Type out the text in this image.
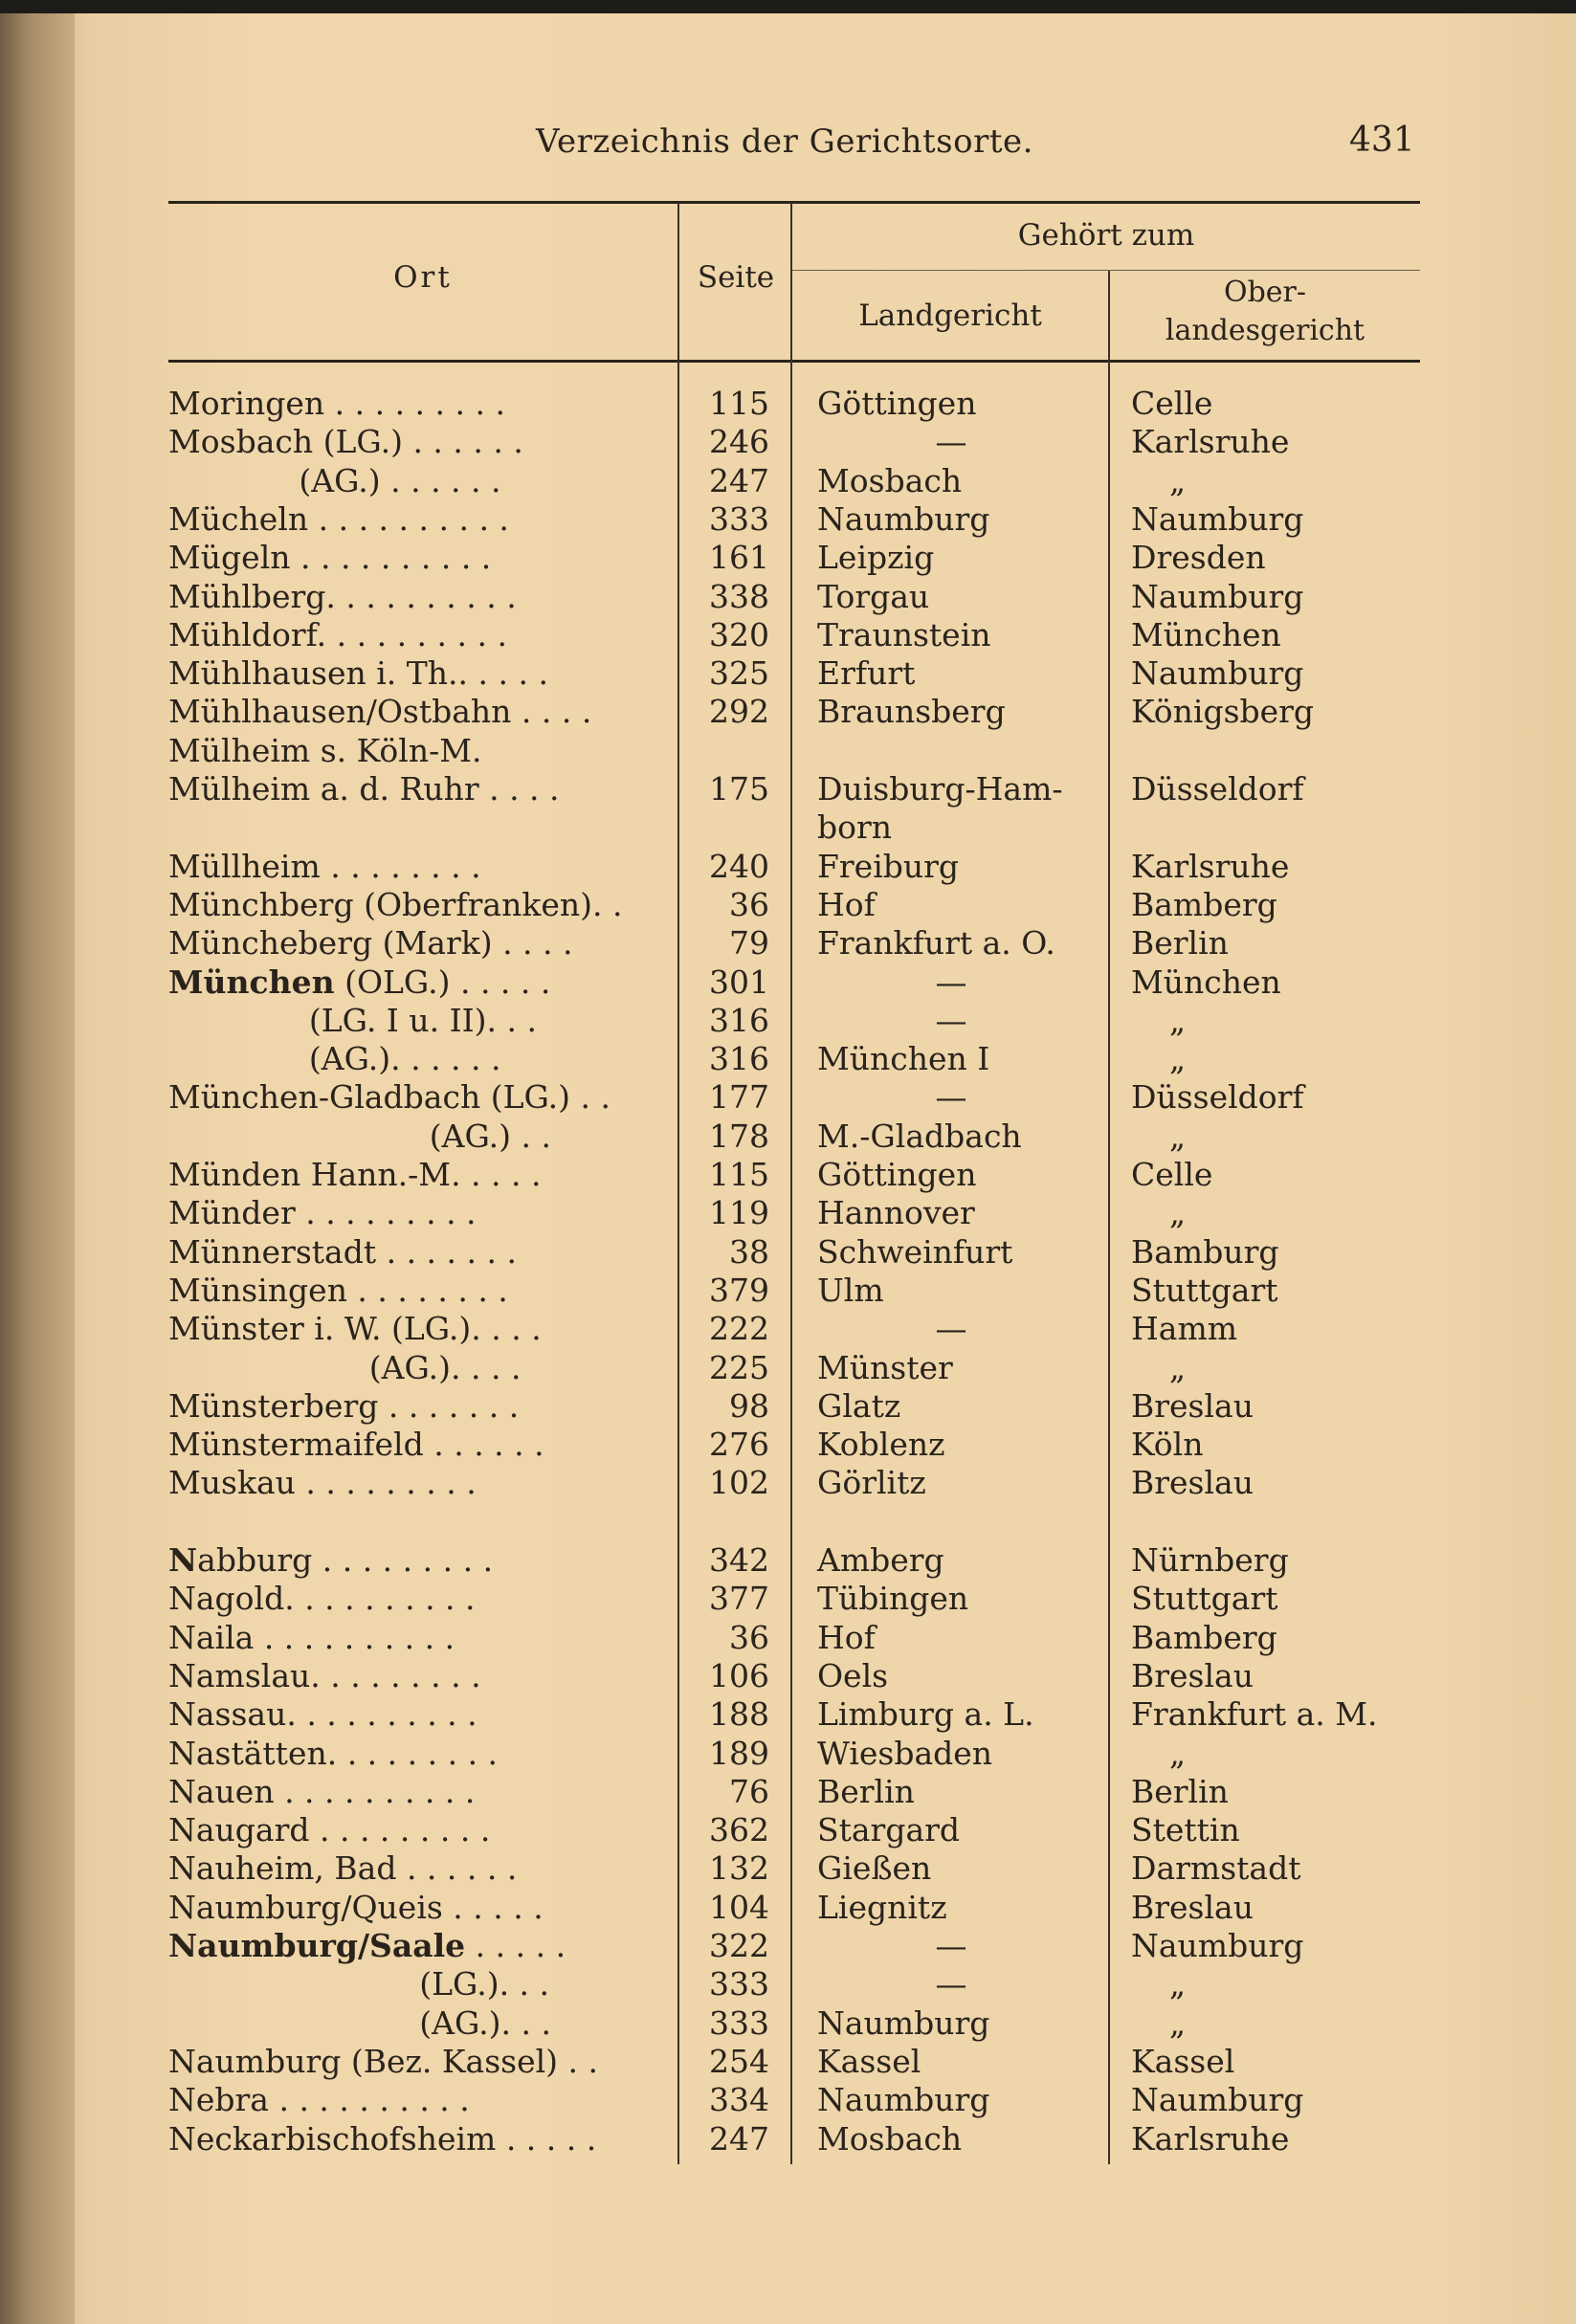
Verzeichnis der Gerichtsorte.	431
Ort	Seite
Gehört zum
Landgericht
Ober-
landesgericht
Moringen . . . . . . . . .	115 Göttingen	Celle
Mosbach (LG.) . . . . . .	246	—	Karlsruhe
(AG.) . . . . . .	247 Mosbach	„
Mücheln . . . . . . . . . .	333 Naumburg	Naumburg
Mügeln . . . . . . . . . .	161 Leipzig	Dresden
Mühlberg. . . . . . . . . .	338 Torgau	Naumburg
Mühldorf. . . . . . . . . .	320 Traunstein	München
Mühlhausen i. Th.. . . . .	325 Erfurt	Naumburg
Mühlhausen/Ostbahn . . . .	292 Braunsberg	Königsberg
Mülheim s. Köln-M.
Mülheim a. d. Ruhr . . . .	175 Duisburg-Ham-	Düsseldorf
born
Müllheim . . . . . . . .	240 Freiburg	Karlsruhe
Münchberg (Oberfranken). .	36 Hof	Bamberg
Müncheberg (Mark) . . . .	79 Frankfurt a. O.	Berlin
München (OLG.) . . . . .	301	—	München
(LG. I u. II). . .	316	—	„
(AG.). . . . . .	316 München I	„
München-Gladbach (LG.) . .	177	—	Düsseldorf
(AG.) . .	178 M.-Gladbach	„
Münden Hann.-M. . . . .	115 Göttingen	Celle
Münder . . . . . . . . .	119 Hannover	„
Münnerstadt . . . . . . .	38 Schweinfurt	Bamburg
Münsingen . . . . . . . .	379 Ulm	Stuttgart
Münster i. W. (LG.). . . .	222	—	Hamm
(AG.). . . .	225 Münster	„
Münsterberg . . . . . . .	98 Glatz	Breslau
Münstermaifeld . . . . . .	276 Koblenz	Köln
Muskau . . . . . . . . .	102 Görlitz	Breslau
Nabburg . . . . . . . . .	342 Amberg	Nürnberg
Nagold. . . . . . . . . .	377 Tübingen	Stuttgart
Naila . . . . . . . . . .	36 Hof	Bamberg
Namslau. . . . . . . . .	106 Oels	Breslau
Nassau. . . . . . . . . .	188 Limburg a. L.	Frankfurt a. M.
Nastätten. . . . . . . . .	189 Wiesbaden	„
Nauen . . . . . . . . . .	76 Berlin	Berlin
Naugard . . . . . . . . .	362 Stargard	Stettin
Nauheim, Bad . . . . . .	132 Gießen	Darmstadt
Naumburg/Queis . . . . .	104 Liegnitz	Breslau
Naumburg/Saale . . . . .	322	—	Naumburg
(LG.). . .	333	—	„
(AG.). . .	333 Naumburg	„
Naumburg (Bez. Kassel) . .	254 Kassel	Kassel
Nebra . . . . . . . . . .	334 Naumburg	Naumburg
Neckarbischofsheim . . . . .	247 Mosbach	Karlsruhe
